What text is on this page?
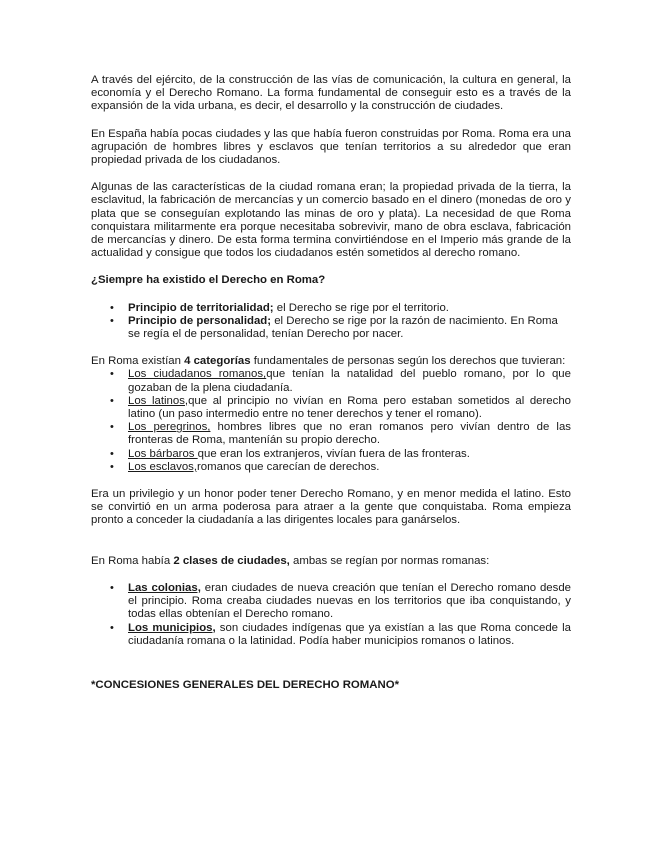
A través del ejército, de la construcción de las vías de comunicación, la cultura en general, la economía y el Derecho Romano. La forma fundamental de conseguir esto es a través de la expansión de la vida urbana, es decir, el desarrollo y la construcción de ciudades.

En España había pocas ciudades y las que había fueron construidas por Roma. Roma era una agrupación de hombres libres y esclavos que tenían territorios a su alrededor que eran propiedad privada de los ciudadanos.

Algunas de las características de la ciudad romana eran; la propiedad privada de la tierra, la esclavitud, la fabricación de mercancías y un comercio basado en el dinero (monedas de oro y plata que se conseguían explotando las minas de oro y plata). La necesidad de que Roma conquistara militarmente era porque necesitaba sobrevivir, mano de obra esclava, fabricación de mercancías y dinero. De esta forma termina convirtiéndose en el Imperio más grande de la actualidad y consigue que todos los ciudadanos estén sometidos al derecho romano.

¿Siempre ha existido el Derecho en Roma?

• Principio de territorialidad; el Derecho se rige por el territorio.
• Principio de personalidad; el Derecho se rige por la razón de nacimiento. En Roma se regía el de personalidad, tenían Derecho por nacer.

En Roma existían 4 categorías fundamentales de personas según los derechos que tuvieran:

• Los ciudadanos romanos,que tenían la natalidad del pueblo romano, por lo que gozaban de la plena ciudadanía.
• Los latinos,que al principio no vivían en Roma pero estaban sometidos al derecho latino (un paso intermedio entre no tener derechos y tener el romano).
• Los peregrinos, hombres libres que no eran romanos pero vivían dentro de las fronteras de Roma, manteníán su propio derecho.
• Los bárbaros que eran los extranjeros, vivían fuera de las fronteras.
• Los esclavos,romanos que carecían de derechos.

Era un privilegio y un honor poder tener Derecho Romano, y en menor medida el latino. Esto se convirtió en un arma poderosa para atraer a la gente que conquistaba. Roma empieza pronto a conceder la ciudadanía a las dirigentes locales para ganárselos.

En Roma había 2 clases de ciudades, ambas se regían por normas romanas:

• Las colonias, eran ciudades de nueva creación que tenían el Derecho romano desde el principio. Roma creaba ciudades nuevas en los territorios que iba conquistando, y todas ellas obtenían el Derecho romano.
• Los municipios, son ciudades indígenas que ya existían a las que Roma concede la ciudadanía romana o la latinidad. Podía haber municipios romanos o latinos.

*CONCESIONES GENERALES DEL DERECHO ROMANO*
